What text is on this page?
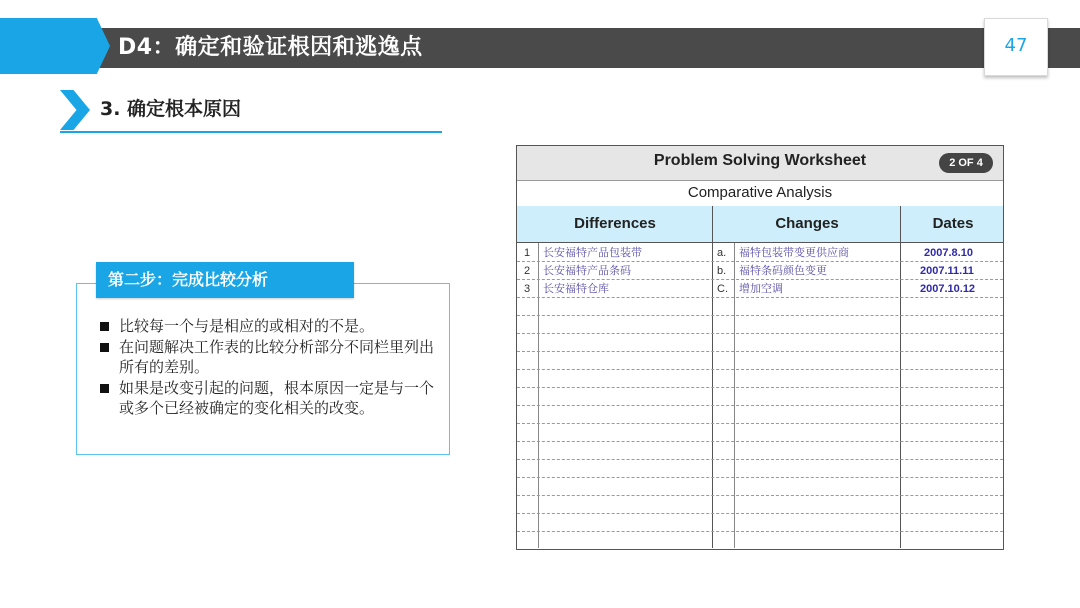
D4：确定和验证根因和逃逸点	47
3. 确定根本原因
第二步：完成比较分析
比较每一个与是相应的或相对的不是。
在问题解决工作表的比较分析部分不同栏里列出所有的差别。
如果是改变引起的问题，根本原因一定是与一个或多个已经被确定的变化相关的改变。
Problem Solving Worksheet	2 OF 4
Comparative Analysis
Differences	Changes	Dates
1 长安福特产品包装带	a. 福特包装带变更供应商	2007.8.10
2 长安福特产品条码	b. 福特条码颜色变更	2007.11.11
3 长安福特仓库	C. 增加空调	2007.10.12
